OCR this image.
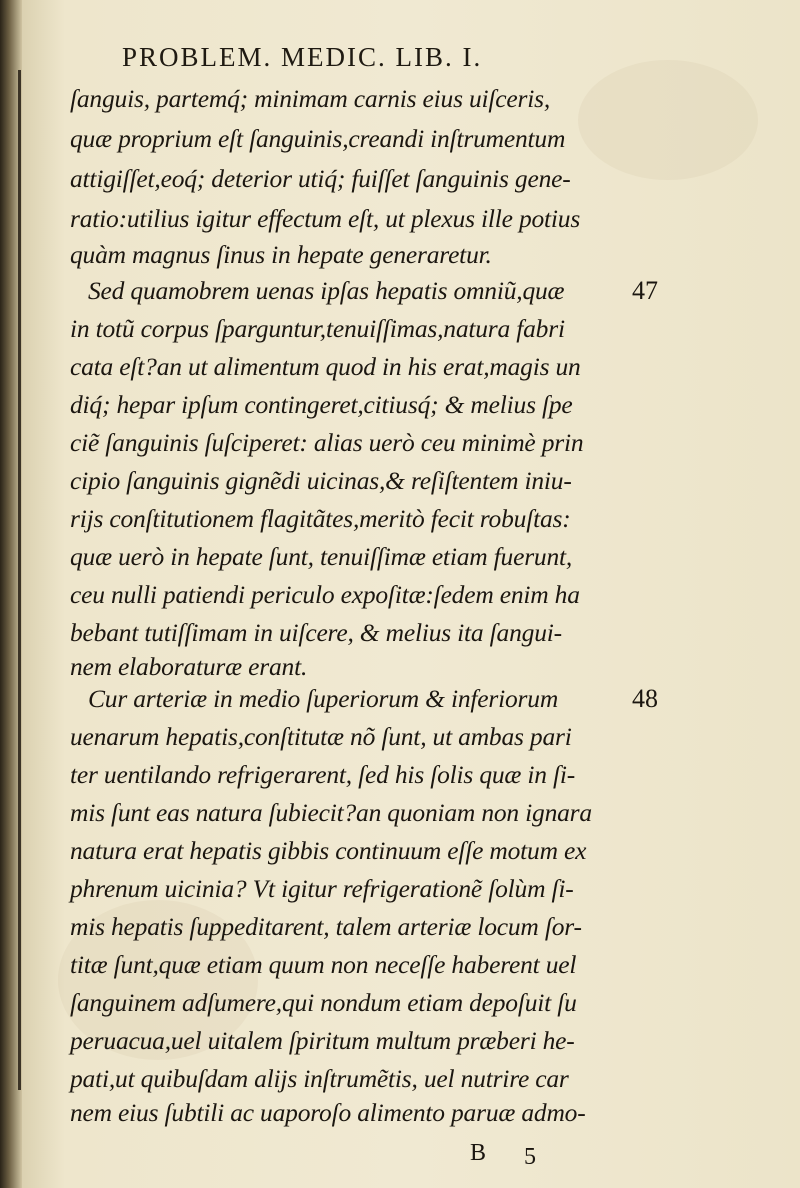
PROBLEM. MEDIC. LIB. I.
ſanguis, partemq́; minimam carnis eius uiſceris,
quæ proprium eſt ſanguinis,creandi inſtrumentum
attigiſſet,eoq́; deterior utiq́; fuiſſet ſanguinis gene-
ratio:utilius igitur effectum eſt, ut plexus ille potius
quàm magnus ſinus in hepate generaretur.
Sed quamobrem uenas ipſas hepatis omniũ,quæ	47
in totũ corpus ſparguntur,tenuiſſimas,natura fabri
cata eſt?an ut alimentum quod in his erat,magis un
diq́; hepar ipſum contingeret,citiusq́; & melius ſpe
ciẽ ſanguinis ſuſciperet: alias uerò ceu minimè prin
cipio ſanguinis gignẽdi uicinas,& reſiſtentem iniu-
rijs conſtitutionem flagitãtes,meritò fecit robuſtas:
quæ uerò in hepate ſunt, tenuiſſimæ etiam fuerunt,
ceu nulli patiendi periculo expoſitæ:ſedem enim ha
bebant tutiſſimam in uiſcere, & melius ita ſangui-
nem elaboraturæ erant.
Cur arteriæ in medio ſuperiorum & inferiorum	48
uenarum hepatis,conſtitutæ nõ ſunt, ut ambas pari
ter uentilando refrigerarent, ſed his ſolis quæ in ſi-
mis ſunt eas natura ſubiecit?an quoniam non ignara
natura erat hepatis gibbis continuum eſſe motum ex
phrenum uicinia? Vt igitur refrigerationẽ ſolùm ſi-
mis hepatis ſuppeditarent, talem arteriæ locum ſor-
titæ ſunt,quæ etiam quum non neceſſe haberent uel
ſanguinem adſumere,qui nondum etiam depoſuit ſu
peruacua,uel uitalem ſpiritum multum præberi he-
pati,ut quibuſdam alijs inſtrumẽtis, uel nutrire car
nem eius ſubtili ac uaporoſo alimento paruæ admo-
B 5
